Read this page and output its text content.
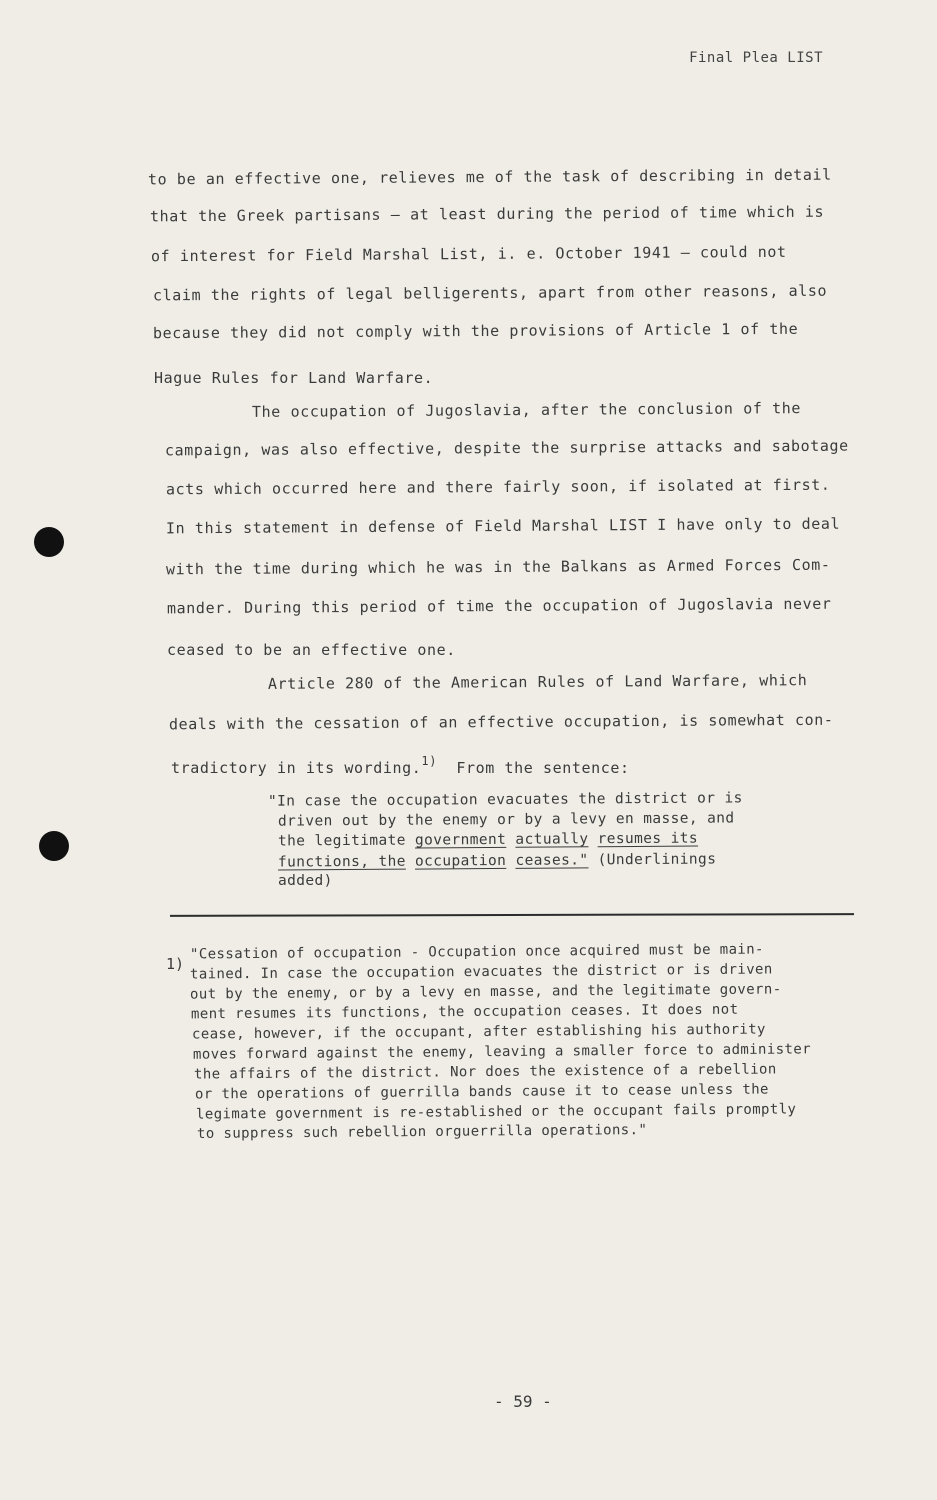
Final Plea LIST
to be an effective one, relieves me of the task of describing in detail
that the Greek partisans — at least during the period of time which is
of interest for Field Marshal List, i. e. October 1941 — could not
claim the rights of legal belligerents, apart from other reasons, also
because they did not comply with the provisions of Article 1 of the
Hague Rules for Land Warfare.
The occupation of Jugoslavia, after the conclusion of the
campaign, was also effective, despite the surprise attacks and sabotage
acts which occurred here and there fairly soon, if isolated at first.
In this statement in defense of Field Marshal LIST I have only to deal
with the time during which he was in the Balkans as Armed Forces Com-
mander. During this period of time the occupation of Jugoslavia never
ceased to be an effective one.
Article 280 of the American Rules of Land Warfare, which
deals with the cessation of an effective occupation, is somewhat con-
tradictory in its wording.$^{1)}$ From the sentence:
"In case the occupation evacuates the district or is
driven out by the enemy or by a levy en masse, and
the legitimate government actually resumes its
functions, the occupation ceases." (Underlinings
added)
1)
"Cessation of occupation - Occupation once acquired must be main-
tained. In case the occupation evacuates the district or is driven
out by the enemy, or by a levy en masse, and the legitimate govern-
ment resumes its functions, the occupation ceases. It does not
cease, however, if the occupant, after establishing his authority
moves forward against the enemy, leaving a smaller force to administer
the affairs of the district. Nor does the existence of a rebellion
or the operations of guerrilla bands cause it to cease unless the
legimate government is re-established or the occupant fails promptly
to suppress such rebellion orguerrilla operations."
- 59 -
